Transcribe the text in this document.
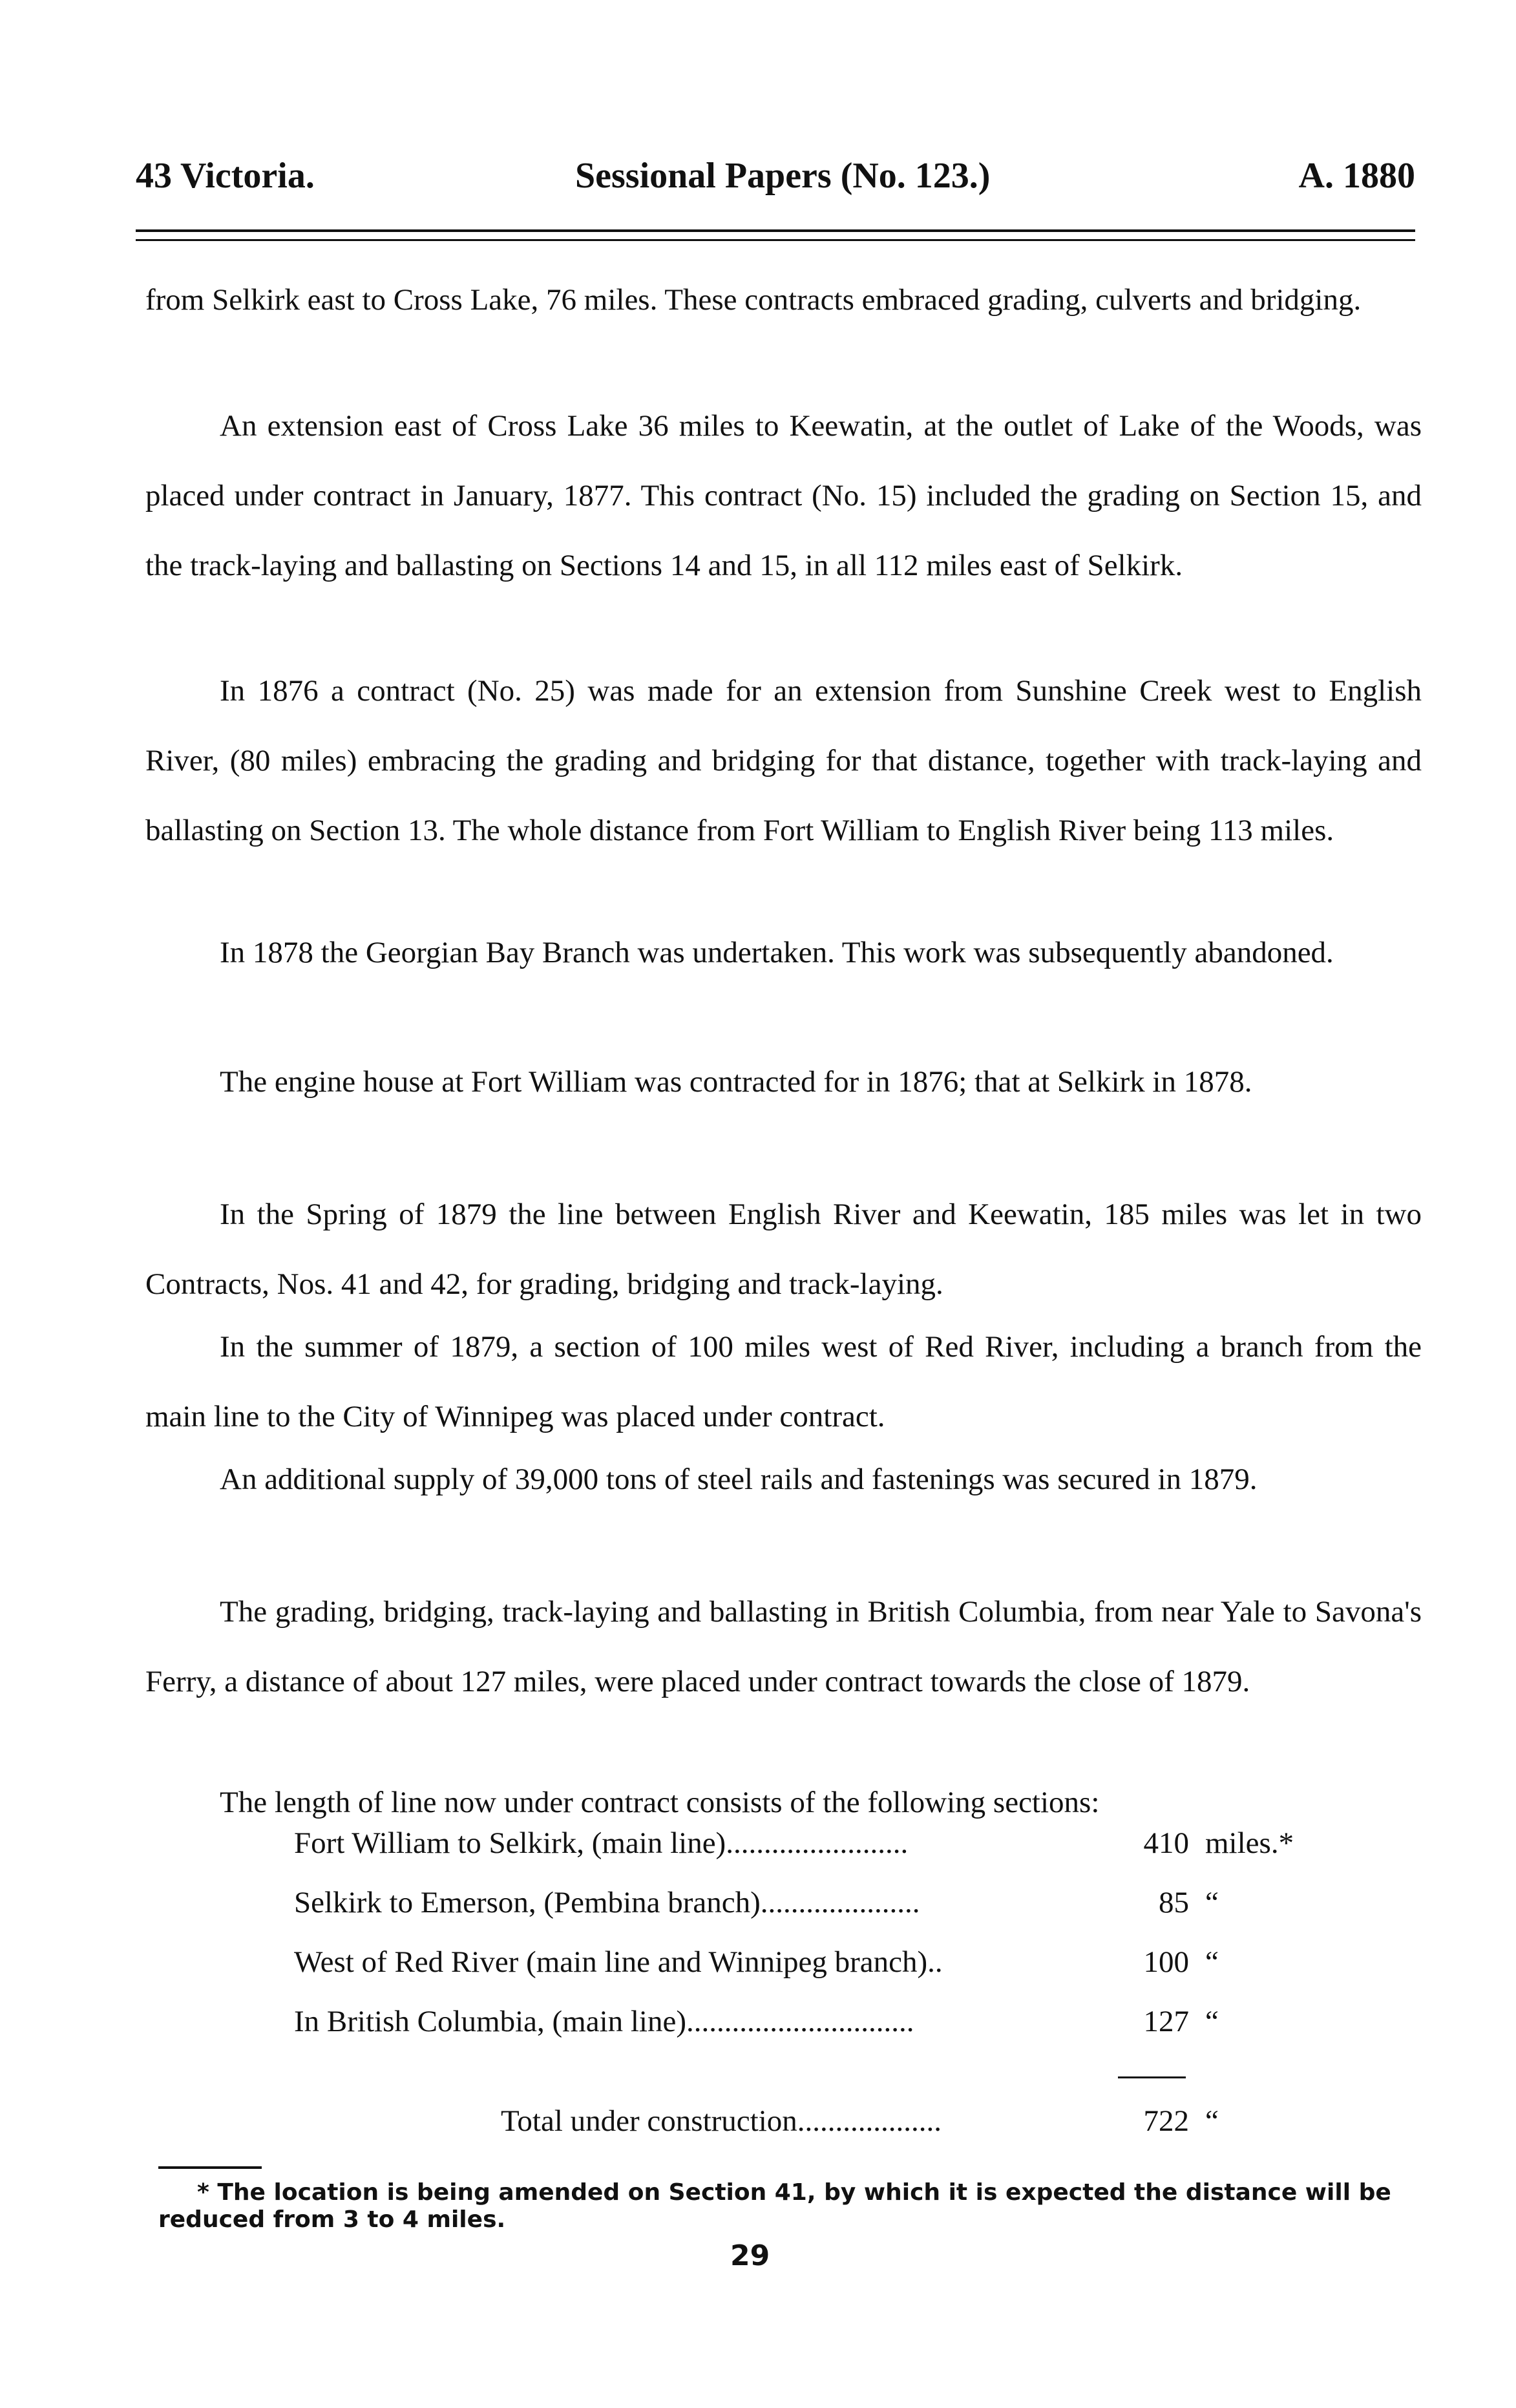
43 Victoria.	Sessional Papers (No. 123.)	A. 1880

from Selkirk east to Cross Lake, 76 miles. These contracts embraced grading, culverts and bridging.

An extension east of Cross Lake 36 miles to Keewatin, at the outlet of Lake of the Woods, was placed under contract in January, 1877. This contract (No. 15) included the grading on Section 15, and the track-laying and ballasting on Sections 14 and 15, in all 112 miles east of Selkirk.

In 1876 a contract (No. 25) was made for an extension from Sunshine Creek west to English River, (80 miles) embracing the grading and bridging for that distance, together with track-laying and ballasting on Section 13. The whole distance from Fort William to English River being 113 miles.

In 1878 the Georgian Bay Branch was undertaken. This work was subsequently abandoned.

The engine house at Fort William was contracted for in 1876; that at Selkirk in 1878.

In the Spring of 1879 the line between English River and Keewatin, 185 miles was let in two Contracts, Nos. 41 and 42, for grading, bridging and track-laying.

In the summer of 1879, a section of 100 miles west of Red River, including a branch from the main line to the City of Winnipeg was placed under contract.

An additional supply of 39,000 tons of steel rails and fastenings was secured in 1879.

The grading, bridging, track-laying and ballasting in British Columbia, from near Yale to Savona's Ferry, a distance of about 127 miles, were placed under contract towards the close of 1879.

The length of line now under contract consists of the following sections:

Fort William to Selkirk, (main line)........................	410 miles.*
Selkirk to Emerson, (Pembina branch).....................	85 “
West of Red River (main line and Winnipeg branch)..	100 “
In British Columbia, (main line)..............................	127 “
Total under construction...................	722 “

* The location is being amended on Section 41, by which it is expected the distance will be reduced from 3 to 4 miles.

29
